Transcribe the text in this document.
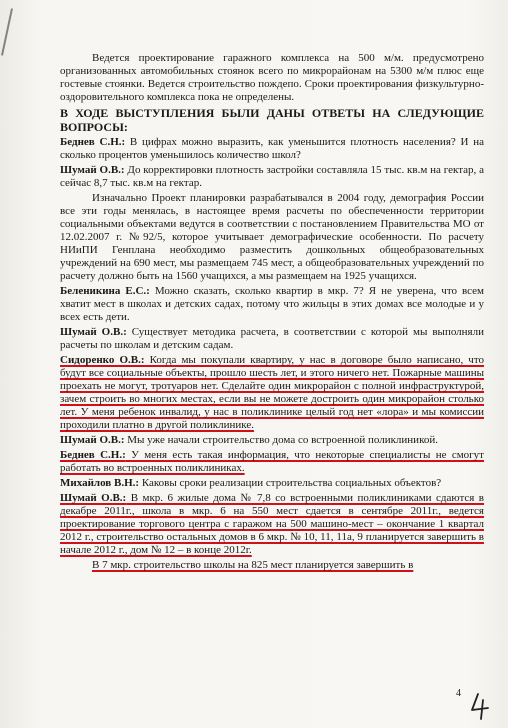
Ведется проектирование гаражного комплекса на 500 м/м. предусмотрено организованных автомобильных стоянок всего по микрорайонам на 5300 м/м плюс еще гостевые стоянки. Ведется строительство пождепо. Сроки проектирования физкультурно-оздоровительного комплекса пока не определены.

В ХОДЕ ВЫСТУПЛЕНИЯ БЫЛИ ДАНЫ ОТВЕТЫ НА СЛЕДУЮЩИЕ ВОПРОСЫ:

Беднев С.Н.: В цифрах можно выразить, как уменьшится плотность населения? И на сколько процентов уменьшилось количество школ?

Шумай О.В.: До корректировки плотность застройки составляла 15 тыс. кв.м на гектар, а сейчас 8,7 тыс. кв.м на гектар.

Изначально Проект планировки разрабатывался в 2004 году, демография России все эти годы менялась, в настоящее время расчеты по обеспеченности территории социальными объектами ведутся в соответствии с постановлением Правительства МО от 12.02.2007 г. №92/5, которое учитывает демографические особенности. По расчету НИиПИ Генплана необходимо разместить дошкольных общеобразовательных учреждений на 690 мест, мы размещаем 745 мест, а общеобразовательных учреждений по расчету должно быть на 1560 учащихся, а мы размещаем на 1925 учащихся.

Беленикина Е.С.: Можно сказать, сколько квартир в мкр. 7? Я не уверена, что всем хватит мест в школах и детских садах, потому что жильцы в этих домах все молодые и у всех есть дети.

Шумай О.В.: Существует методика расчета, в соответствии с которой мы выполняли расчеты по школам и детским садам.

Сидоренко О.В.: Когда мы покупали квартиру, у нас в договоре было написано, что будут все социальные объекты, прошло шесть лет, и этого ничего нет. Пожарные машины проехать не могут, тротуаров нет. Сделайте один микрорайон с полной инфраструктурой, зачем строить во многих местах, если вы не можете достроить один микрорайон столько лет. У меня ребенок инвалид, у нас в поликлинике целый год нет «лора» и мы комиссии проходили платно в другой поликлинике.

Шумай О.В.: Мы уже начали строительство дома со встроенной поликлиникой.

Беднев С.Н.: У меня есть такая информация, что некоторые специалисты не смогут работать во встроенных поликлиниках.

Михайлов В.Н.: Каковы сроки реализации строительства социальных объектов?

Шумай О.В.: В мкр. 6 жилые дома № 7,8 со встроенными поликлиниками сдаются в декабре 2011г., школа в мкр. 6 на 550 мест сдается в сентябре 2011г., ведется проектирование торгового центра с гаражом на 500 машино-мест – окончание 1 квартал 2012 г., строительство остальных домов в 6 мкр. № 10, 11, 11а, 9 планируется завершить в начале 2012 г., дом № 12 – в конце 2012г.

В 7 мкр. строительство школы на 825 мест планируется завершить в

4
